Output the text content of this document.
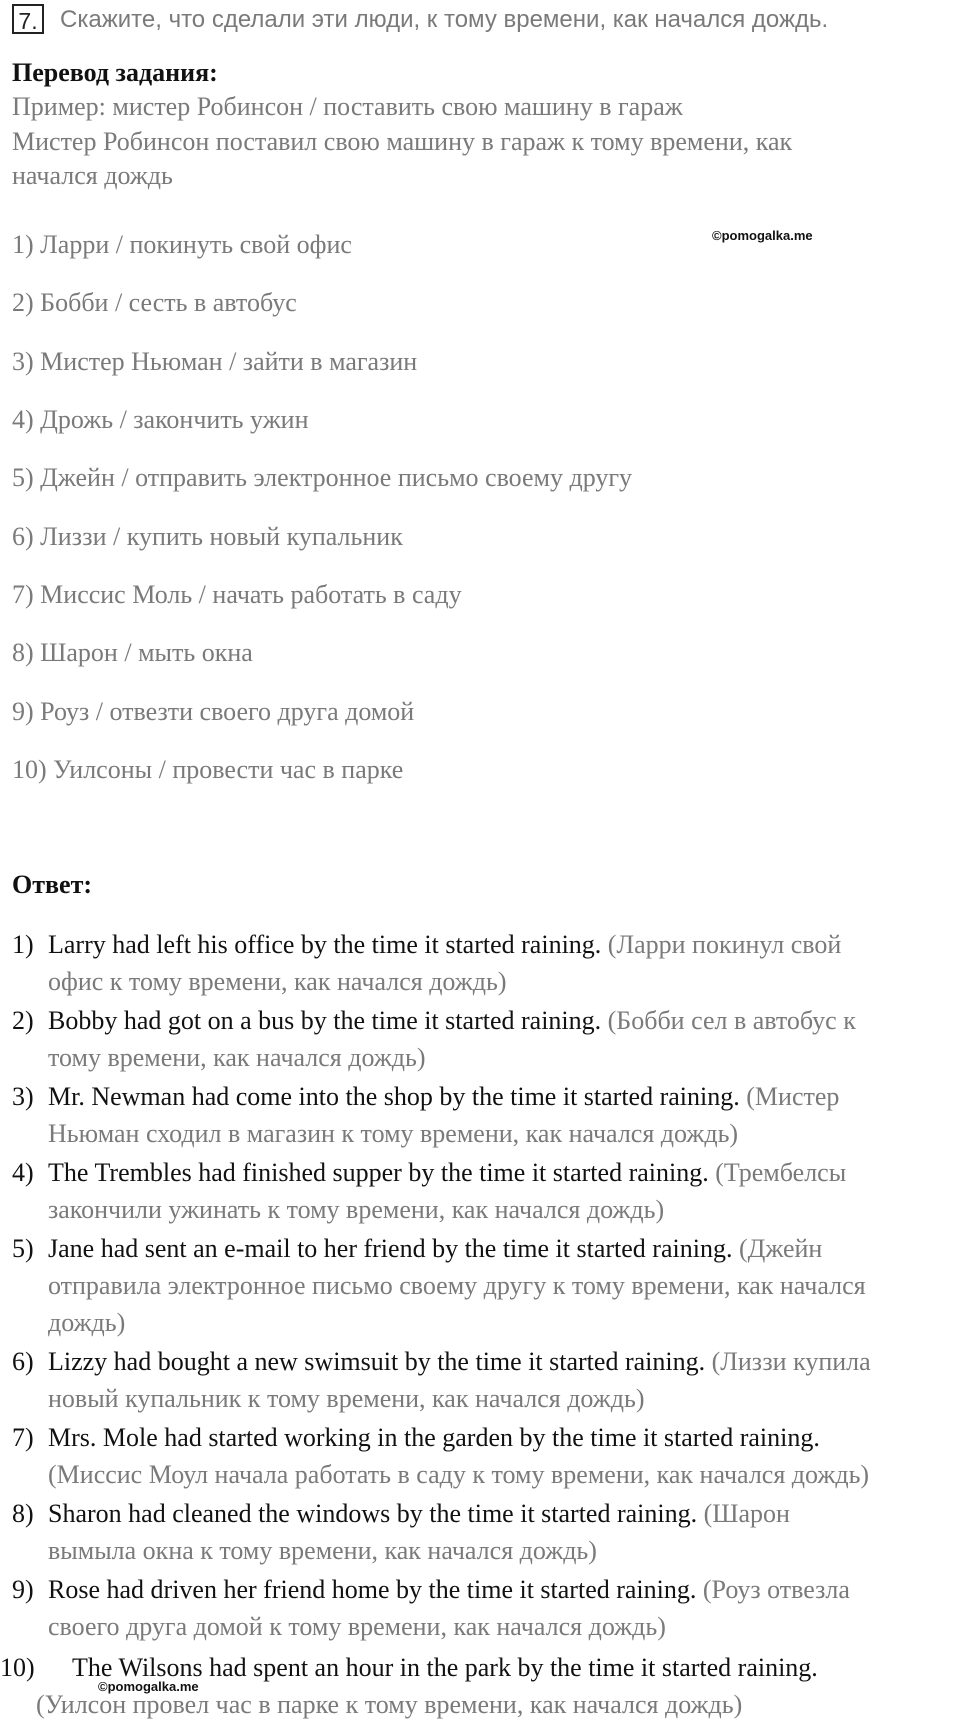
7. Скажите, что сделали эти люди, к тому времени, как начался дождь.
Перевод задания:
Пример: мистер Робинсон / поставить свою машину в гараж
Мистер Робинсон поставил свою машину в гараж к тому времени, как
начался дождь
©pomogalka.me
1) Ларри / покинуть свой офис
2) Бобби / сесть в автобус
3) Мистер Ньюман / зайти в магазин
4) Дрожь / закончить ужин
5) Джейн / отправить электронное письмо своему другу
6) Лиззи / купить новый купальник
7) Миссис Моль / начать работать в саду
8) Шарон / мыть окна
9) Роуз / отвезти своего друга домой
10) Уилсоны / провести час в парке
Ответ:
1) Larry had left his office by the time it started raining. (Ларри покинул свой
офис к тому времени, как начался дождь)
2) Bobby had got on a bus by the time it started raining. (Бобби сел в автобус к
тому времени, как начался дождь)
3) Mr. Newman had come into the shop by the time it started raining. (Мистер
Ньюман сходил в магазин к тому времени, как начался дождь)
4) The Trembles had finished supper by the time it started raining. (Трембелсы
закончили ужинать к тому времени, как начался дождь)
5) Jane had sent an e-mail to her friend by the time it started raining. (Джейн
отправила электронное письмо своему другу к тому времени, как начался
дождь)
6) Lizzy had bought a new swimsuit by the time it started raining. (Лиззи купила
новый купальник к тому времени, как начался дождь)
7) Mrs. Mole had started working in the garden by the time it started raining.
(Миссис Моул начала работать в саду к тому времени, как начался дождь)
8) Sharon had cleaned the windows by the time it started raining. (Шарон
вымыла окна к тому времени, как начался дождь)
9) Rose had driven her friend home by the time it started raining. (Роуз отвезла
своего друга домой к тому времени, как начался дождь)
10) The Wilsons had spent an hour in the park by the time it started raining.
©pomogalka.me
(Уилсон провел час в парке к тому времени, как начался дождь)
